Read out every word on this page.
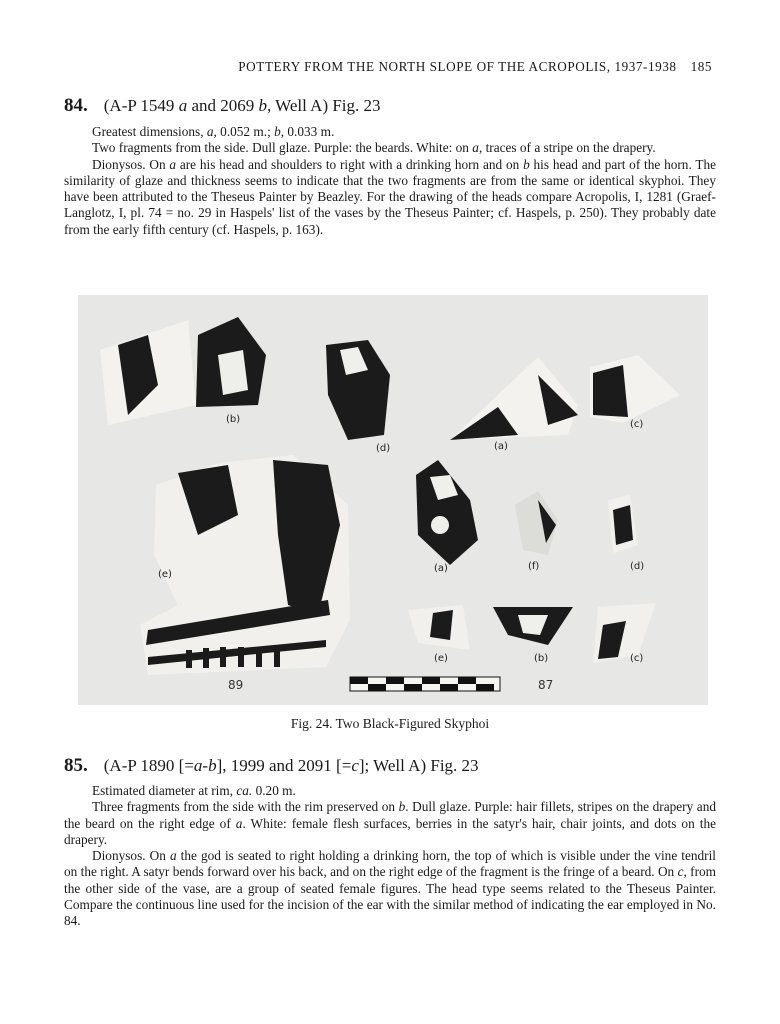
POTTERY FROM THE NORTH SLOPE OF THE ACROPOLIS, 1937-1938 185
84. (A-P 1549 a and 2069 b, Well A) Fig. 23

Greatest dimensions, a, 0.052 m.; b, 0.033 m.

Two fragments from the side. Dull glaze. Purple: the beards. White: on a, traces of a stripe on the drapery.

Dionysos. On a are his head and shoulders to right with a drinking horn and on b his head and part of the horn. The similarity of glaze and thickness seems to indicate that the two fragments are from the same or identical skyphoi. They have been attributed to the Theseus Painter by Beazley. For the drawing of the heads compare Acropolis, I, 1281 (Graef-Langlotz, I, pl. 74 = no. 29 in Haspels' list of the vases by the Theseus Painter; cf. Haspels, p. 250). They probably date from the early fifth century (cf. Haspels, p. 163).

(b)
(d)	(a)
(c)
(e)
(a)	(f)	(d)
(e)	(b)	(c)
89	87
Fig. 24. Two Black-Figured Skyphoi
85. (A-P 1890 [=a-b], 1999 and 2091 [=c]; Well A) Fig. 23

Estimated diameter at rim, ca. 0.20 m.

Three fragments from the side with the rim preserved on b. Dull glaze. Purple: hair fillets, stripes on the drapery and the beard on the right edge of a. White: female flesh surfaces, berries in the satyr's hair, chair joints, and dots on the drapery.

Dionysos. On a the god is seated to right holding a drinking horn, the top of which is visible under the vine tendril on the right. A satyr bends forward over his back, and on the right edge of the fragment is the fringe of a beard. On c, from the other side of the vase, are a group of seated female figures. The head type seems related to the Theseus Painter. Compare the continuous line used for the incision of the ear with the similar method of indicating the ear employed in No. 84.
